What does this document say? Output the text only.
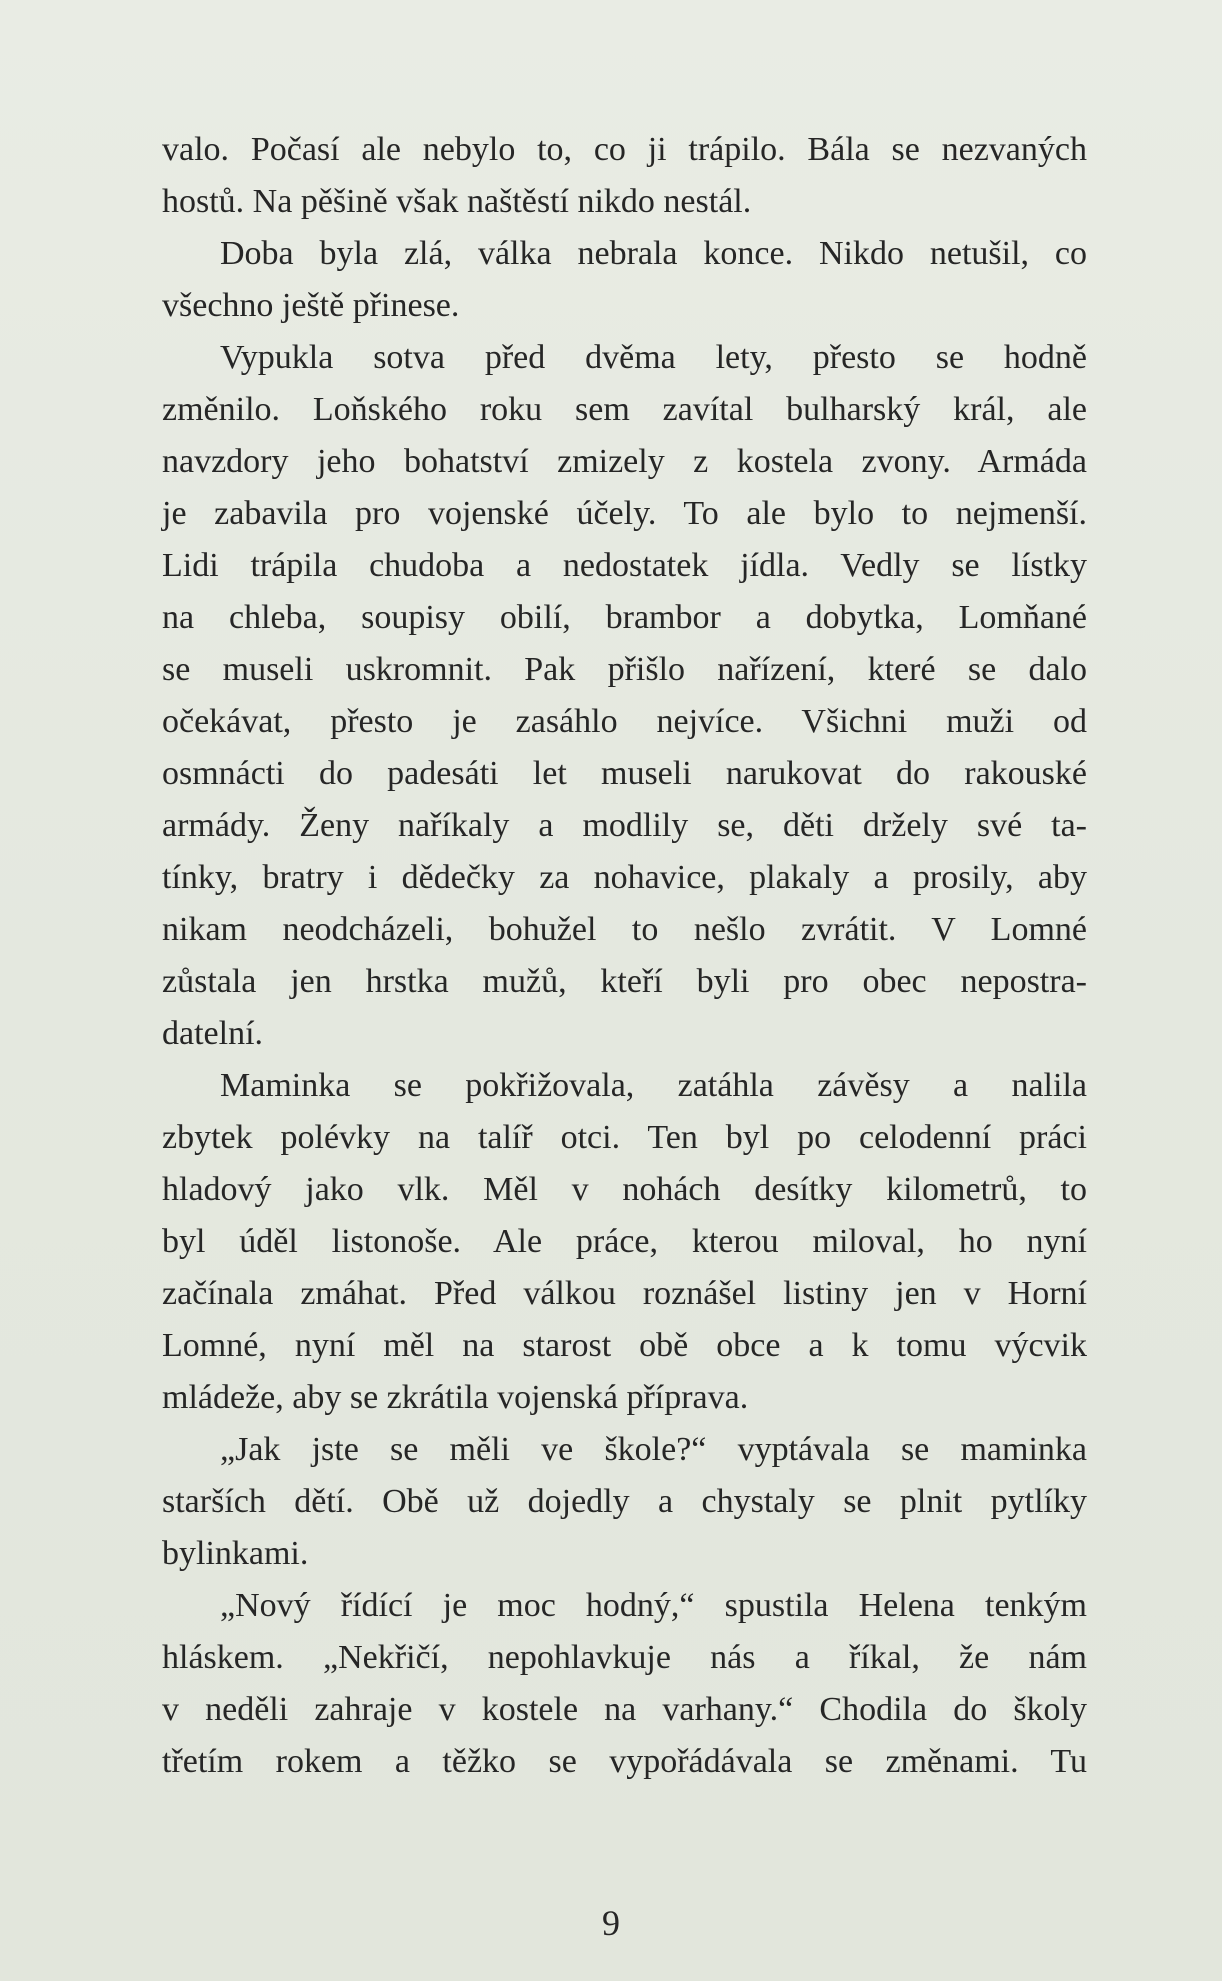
valo. Počasí ale nebylo to, co ji trápilo. Bála se nezvaných
hostů. Na pěšině však naštěstí nikdo nestál.
Doba byla zlá, válka nebrala konce. Nikdo netušil, co
všechno ještě přinese.
Vypukla sotva před dvěma lety, přesto se hodně
změnilo. Loňského roku sem zavítal bulharský král, ale
navzdory jeho bohatství zmizely z kostela zvony. Armáda
je zabavila pro vojenské účely. To ale bylo to nejmenší.
Lidi trápila chudoba a nedostatek jídla. Vedly se lístky
na chleba, soupisy obilí, brambor a dobytka, Lomňané
se museli uskromnit. Pak přišlo nařízení, které se dalo
očekávat, přesto je zasáhlo nejvíce. Všichni muži od
osmnácti do padesáti let museli narukovat do rakouské
armády. Ženy naříkaly a modlily se, děti držely své ta-
tínky, bratry i dědečky za nohavice, plakaly a prosily, aby
nikam neodcházeli, bohužel to nešlo zvrátit. V Lomné
zůstala jen hrstka mužů, kteří byli pro obec nepostra-
datelní.
Maminka se pokřižovala, zatáhla závěsy a nalila
zbytek polévky na talíř otci. Ten byl po celodenní práci
hladový jako vlk. Měl v nohách desítky kilometrů, to
byl úděl listonoše. Ale práce, kterou miloval, ho nyní
začínala zmáhat. Před válkou roznášel listiny jen v Horní
Lomné, nyní měl na starost obě obce a k tomu výcvik
mládeže, aby se zkrátila vojenská příprava.
„Jak jste se měli ve škole?“ vyptávala se maminka
starších dětí. Obě už dojedly a chystaly se plnit pytlíky
bylinkami.
„Nový řídící je moc hodný,“ spustila Helena tenkým
hláskem. „Nekřičí, nepohlavkuje nás a říkal, že nám
v neděli zahraje v kostele na varhany.“ Chodila do školy
třetím rokem a těžko se vypořádávala se změnami. Tu
9
